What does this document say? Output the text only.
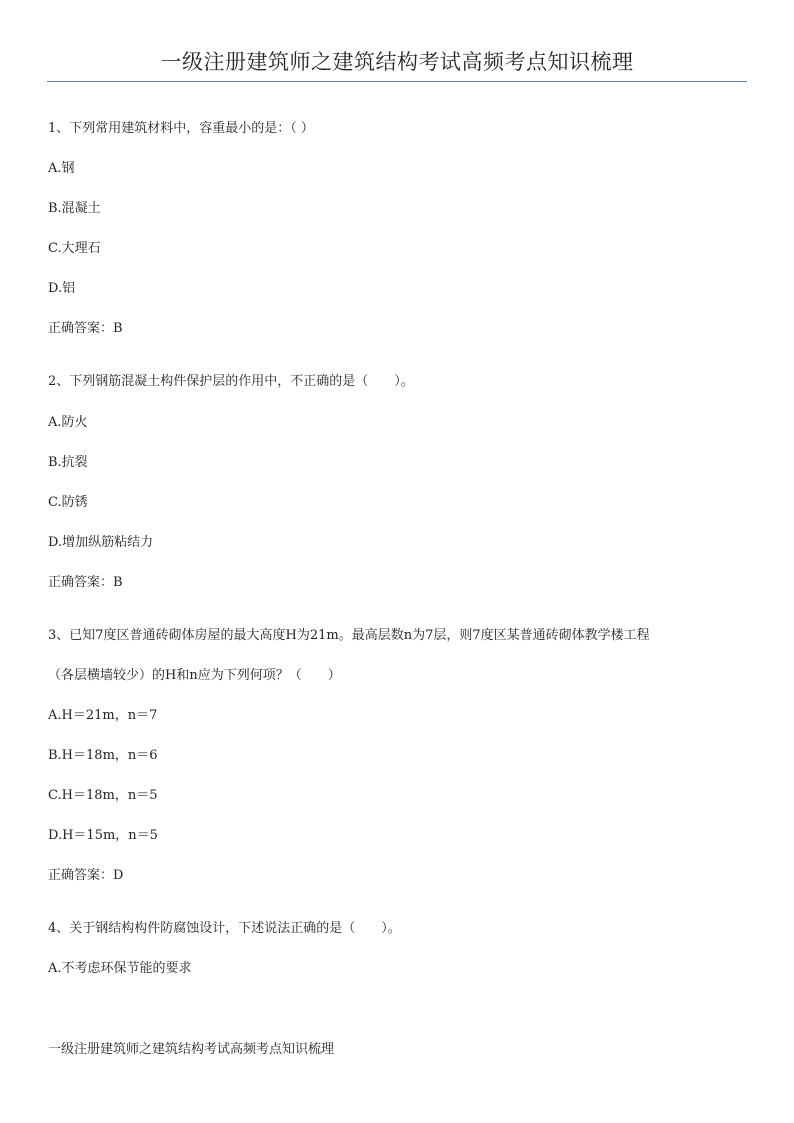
一级注册建筑师之建筑结构考试高频考点知识梳理
1、下列常用建筑材料中，容重最小的是：（ ）
A.钢
B.混凝土
C.大理石
D.铝
正确答案：B
2、下列钢筋混凝土构件保护层的作用中，不正确的是（　　）。
A.防火
B.抗裂
C.防锈
D.增加纵筋粘结力
正确答案：B
3、已知7度区普通砖砌体房屋的最大高度H为21m。最高层数n为7层，则7度区某普通砖砌体教学楼工程
（各层横墙较少）的H和n应为下列何项？（　　）
A.H＝21m，n＝7
B.H＝18m，n＝6
C.H＝18m，n＝5
D.H＝15m，n＝5
正确答案：D
4、关于钢结构构件防腐蚀设计，下述说法正确的是（　　）。
A.不考虑环保节能的要求
一级注册建筑师之建筑结构考试高频考点知识梳理
